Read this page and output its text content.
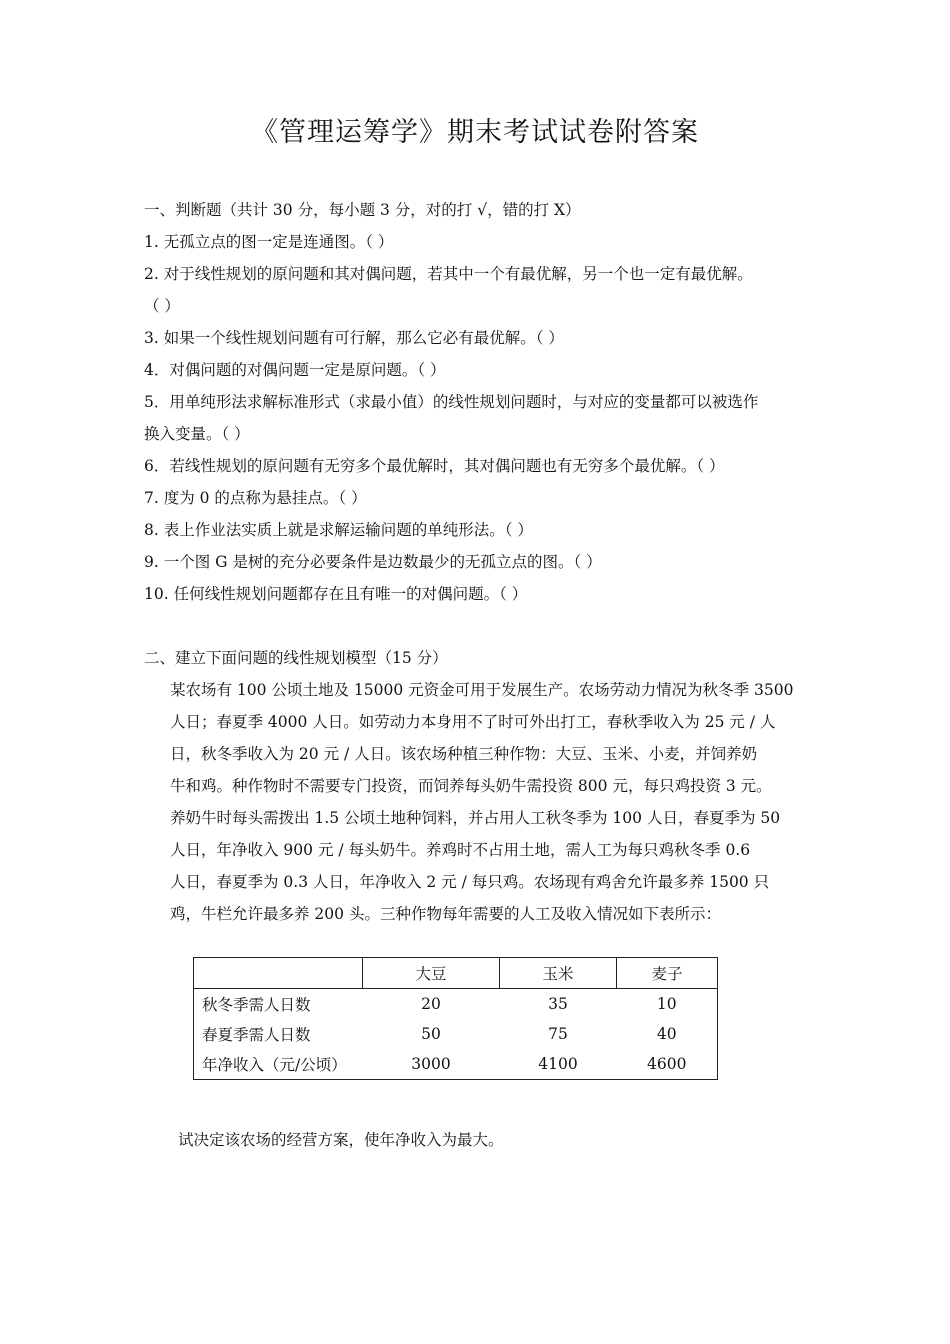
《管理运筹学》期末考试试卷附答案
一、判断题（共计 30 分，每小题 3 分，对的打 √，错的打 X）
1. 无孤立点的图一定是连通图。（ ）
2. 对于线性规划的原问题和其对偶问题，若其中一个有最优解，另一个也一定有最优解。
（ ）
3. 如果一个线性规划问题有可行解，那么它必有最优解。（ ）
4．对偶问题的对偶问题一定是原问题。（ ）
5．用单纯形法求解标准形式（求最小值）的线性规划问题时，与对应的变量都可以被选作
换入变量。（ ）
6．若线性规划的原问题有无穷多个最优解时，其对偶问题也有无穷多个最优解。（ ）
7. 度为 0 的点称为悬挂点。（ ）
8. 表上作业法实质上就是求解运输问题的单纯形法。（ ）
9. 一个图 G 是树的充分必要条件是边数最少的无孤立点的图。（ ）
10. 任何线性规划问题都存在且有唯一的对偶问题。（ ）
二、建立下面问题的线性规划模型（15 分）
某农场有 100 公顷土地及 15000 元资金可用于发展生产。农场劳动力情况为秋冬季 3500
人日；春夏季 4000 人日。如劳动力本身用不了时可外出打工，春秋季收入为 25 元 / 人
日，秋冬季收入为 20 元 / 人日。该农场种植三种作物：大豆、玉米、小麦，并饲养奶
牛和鸡。种作物时不需要专门投资，而饲养每头奶牛需投资 800 元，每只鸡投资 3 元。
养奶牛时每头需拨出 1.5 公顷土地种饲料，并占用人工秋冬季为 100 人日，春夏季为 50
人日，年净收入 900 元 / 每头奶牛。养鸡时不占用土地，需人工为每只鸡秋冬季 0.6
人日，春夏季为 0.3 人日，年净收入 2 元 / 每只鸡。农场现有鸡舍允许最多养 1500 只
鸡，牛栏允许最多养 200 头。三种作物每年需要的人工及收入情况如下表所示：
	大豆	玉米	麦子
秋冬季需人日数	20	35	10
春夏季需人日数	50	75	40
年净收入（元/公顷）	3000	4100	4600
试决定该农场的经营方案，使年净收入为最大。
